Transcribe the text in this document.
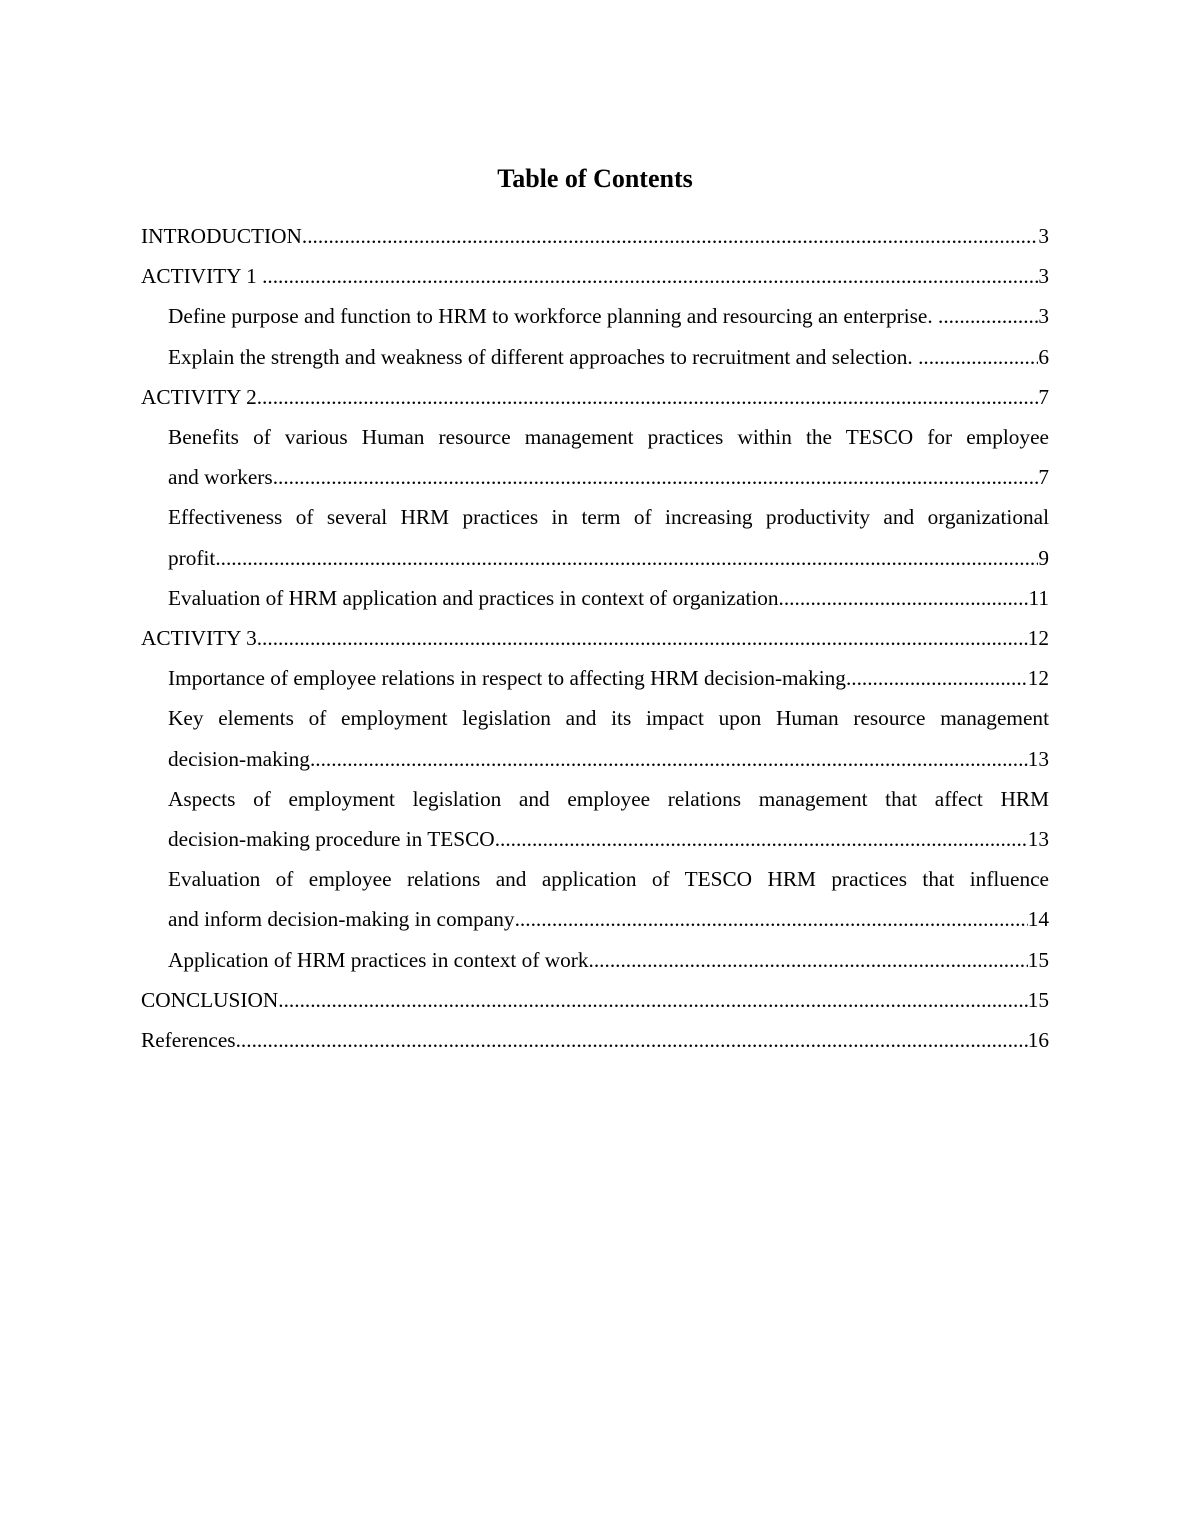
Table of Contents
INTRODUCTION .....	3
ACTIVITY 1 .....	3
Define purpose and function to HRM to workforce planning and resourcing an enterprise. .....	3
Explain the strength and weakness of different approaches to recruitment and selection. .....	6
ACTIVITY 2 .....	7
Benefits of various Human resource management practices within the TESCO for employee
and workers .....	7
Effectiveness of several HRM practices in term of increasing productivity and organizational
profit .....	9
Evaluation of HRM application and practices in context of organization .....	11
ACTIVITY 3 .....	12
Importance of employee relations in respect to affecting HRM decision-making .....	12
Key elements of employment legislation and its impact upon Human resource management
decision-making .....	13
Aspects of employment legislation and employee relations management that affect HRM
decision-making procedure in TESCO .....	13
Evaluation of employee relations and application of TESCO HRM practices that influence
and inform decision-making in company .....	14
Application of HRM practices in context of work .....	15
CONCLUSION .....	15
References .....	16
